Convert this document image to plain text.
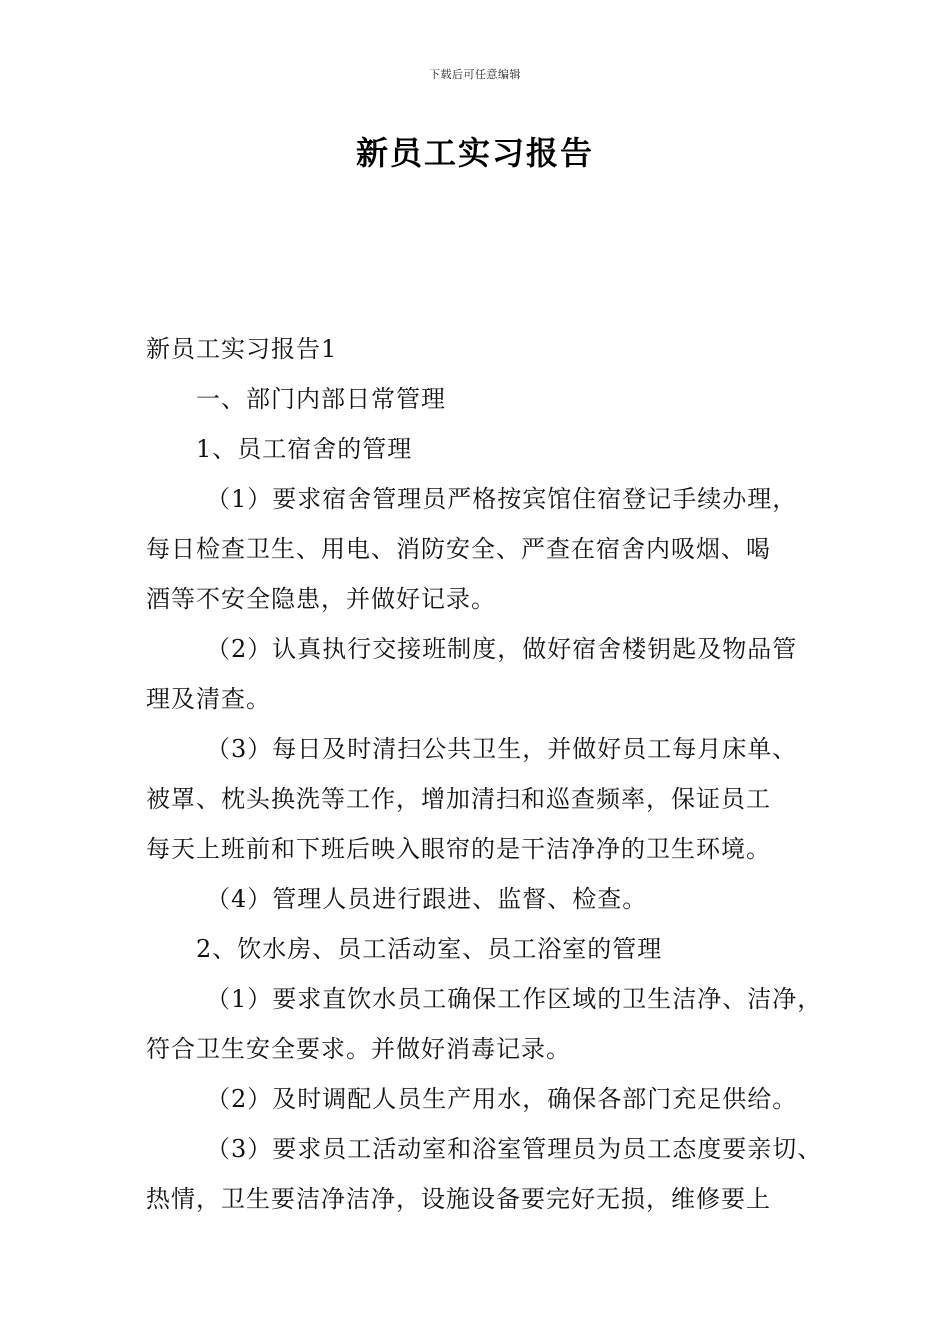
下载后可任意编辑
新员工实习报告

新员工实习报告1

一、部门内部日常管理

1、员工宿舍的管理

（1）要求宿舍管理员严格按宾馆住宿登记手续办理，

每日检查卫生、用电、消防安全、严查在宿舍内吸烟、喝

酒等不安全隐患，并做好记录。

（2）认真执行交接班制度，做好宿舍楼钥匙及物品管

理及清查。

（3）每日及时清扫公共卫生，并做好员工每月床单、

被罩、枕头换洗等工作，增加清扫和巡查频率，保证员工

每天上班前和下班后映入眼帘的是干洁净净的卫生环境。

（4）管理人员进行跟进、监督、检查。

2、饮水房、员工活动室、员工浴室的管理

（1）要求直饮水员工确保工作区域的卫生洁净、洁净，

符合卫生安全要求。并做好消毒记录。

（2）及时调配人员生产用水，确保各部门充足供给。

（3）要求员工活动室和浴室管理员为员工态度要亲切、

热情，卫生要洁净洁净，设施设备要完好无损，维修要上
